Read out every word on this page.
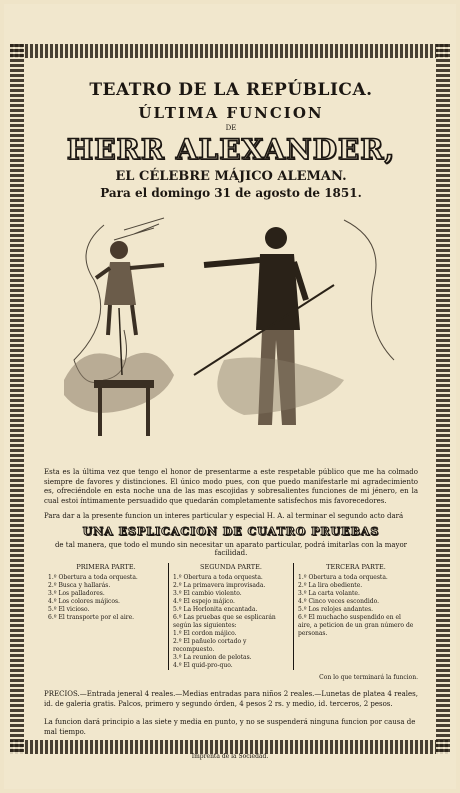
TEATRO DE LA REPÚBLICA.
ÚLTIMA FUNCION
DE
HERR ALEXANDER,
EL CÉLEBRE MÁJICO ALEMAN.
Para el domingo 31 de agosto de 1851.
Esta es la última vez que tengo el honor de presentarme a este respetable público que me ha colmado siempre de favores y distinciones. El único modo pues, con que puedo manifestarle mi agradecimiento es, ofreciéndole en esta noche una de las mas escojidas y sobresalientes funciones de mi jénero, en la cual estoi íntimamente persuadido que quedarán completamente satisfechos mis favorecedores.
Para dar a la presente funcion un interes particular y especial H. A. al terminar el segundo acto dará
UNA ESPLICACION DE CUATRO PRUEBAS
de tal manera, que todo el mundo sin necesitar un aparato particular, podrá imitarlas con la mayor facilidad.
PRIMERA PARTE.
1.º Obertura a toda orquesta.
2.º Busca y hallarás.
3.º Los palladores.
4.º Los colores májicos.
5.º El vicioso.
6.º El transporte por el aire.
SEGUNDA PARTE.
1.º Obertura a toda orquesta.
2.º La primavera improvisada.
3.º El cambio violento.
4.º El espejo májico.
5.º La Horlonita encantada.
6.º Las pruebas que se esplicarán según las siguientes:
1.º El cordon májico.
2.º El pañuelo cortado y recompuesto.
3.º La reunion de pelotas.
4.º El quid-pro-quo.
TERCERA PARTE.
1.º Obertura a toda orquesta.
2.º La lira obediente.
3.º La carta volante.
4.º Cinco veces escondido.
5.º Los relojes andantes.
6.º El muchacho suspendido en el aire, a peticion de un gran número de personas.
Con lo que terminará la funcion.
PRECIOS.—Entrada jeneral 4 reales.—Medias entradas para niños 2 reales.—Lunetas de platea 4 reales, id. de galeria gratis. Palcos, primero y segundo órden, 4 pesos 2 rs. y medio, id. terceros, 2 pesos.
La funcion dará principio a las siete y media en punto, y no se suspenderá ninguna funcion por causa de mal tiempo.
Imprenta de la Sociedad.
